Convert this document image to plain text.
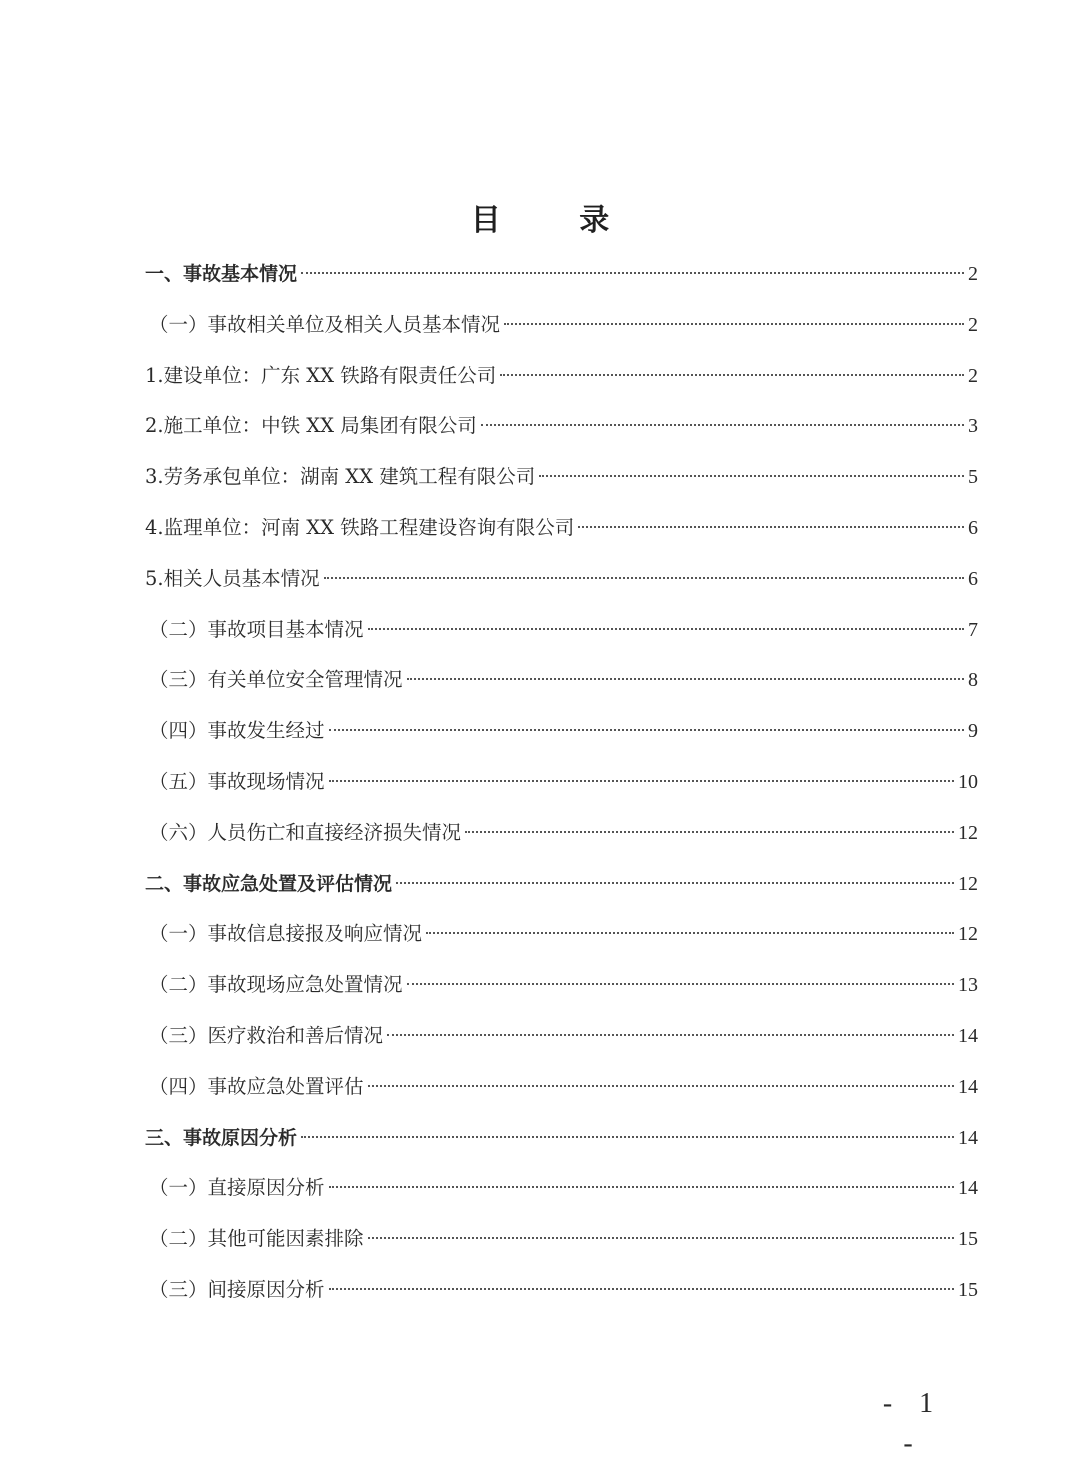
目 录
一、事故基本情况	2
（一）事故相关单位及相关人员基本情况	2
1.建设单位：广东 XX 铁路有限责任公司	2
2.施工单位：中铁 XX 局集团有限公司	3
3.劳务承包单位：湖南 XX 建筑工程有限公司	5
4.监理单位：河南 XX 铁路工程建设咨询有限公司	6
5.相关人员基本情况	6
（二）事故项目基本情况	7
（三）有关单位安全管理情况	8
（四）事故发生经过	9
（五）事故现场情况	10
（六）人员伤亡和直接经济损失情况	12
二、事故应急处置及评估情况	12
（一）事故信息接报及响应情况	12
（二）事故现场应急处置情况	13
（三）医疗救治和善后情况	14
（四）事故应急处置评估	14
三、事故原因分析	14
（一）直接原因分析	14
（二）其他可能因素排除	15
（三）间接原因分析	15
- 1 -
